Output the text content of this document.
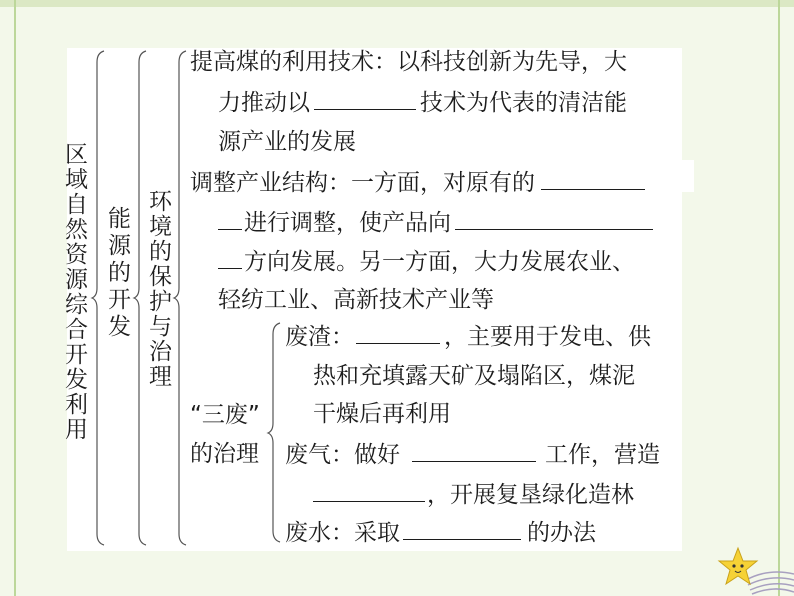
区域自然资源综合开发利用
能源的开发
环境的保护与治理
提高煤的利用技术：以科技创新为先导，大
力推动以	技术为代表的清洁能
源产业的发展
调整产业结构：一方面，对原有的
进行调整，使产品向
方向发展。另一方面，大力发展农业、
轻纺工业、高新技术产业等
“三废”
的治理
废渣：	，主要用于发电、供
热和充填露天矿及塌陷区，煤泥
干燥后再利用
废气：做好	工作，营造
，开展复垦绿化造林
废水：采取	的办法
